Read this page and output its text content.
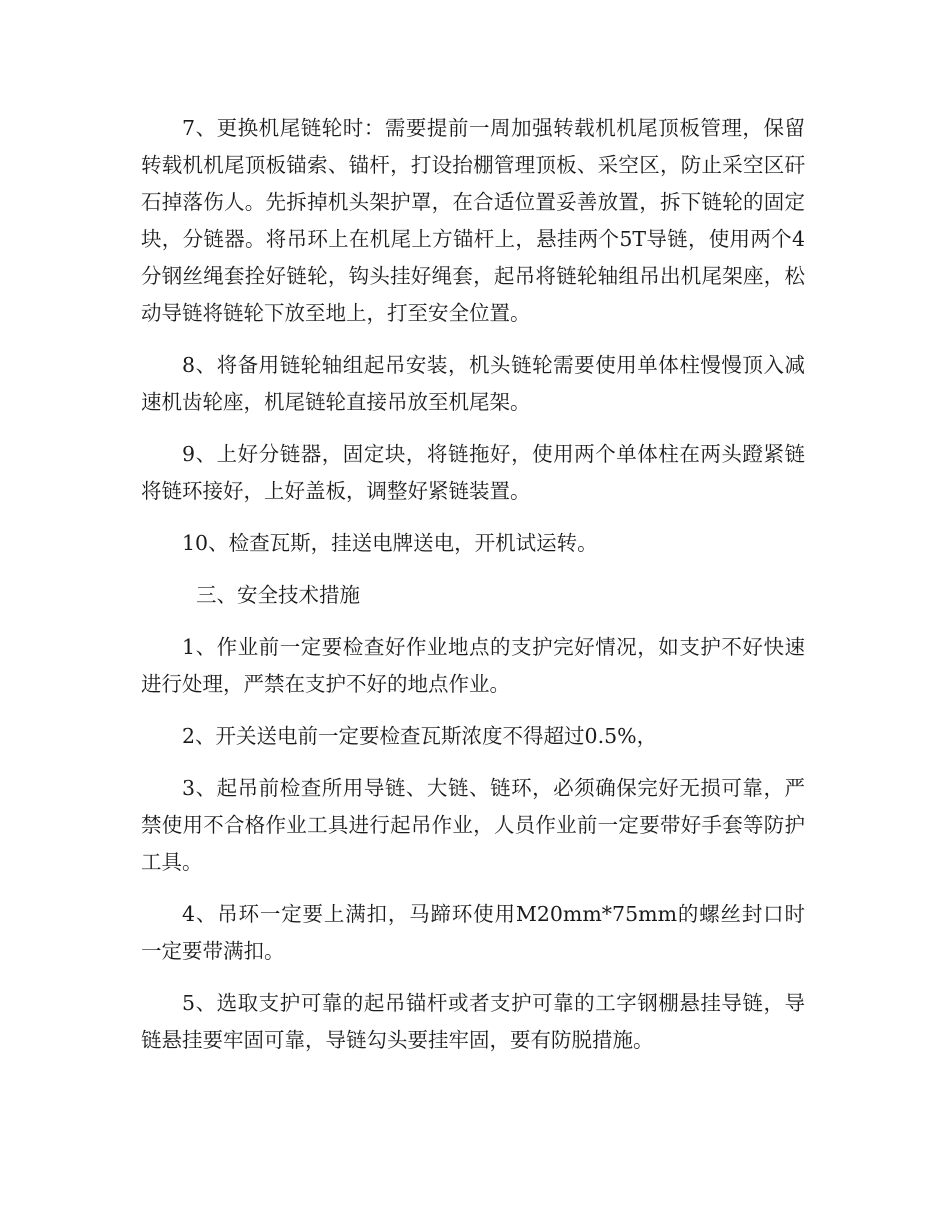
7、更换机尾链轮时：需要提前一周加强转载机机尾顶板管理，保留转载机机尾顶板锚索、锚杆，打设抬棚管理顶板、采空区，防止采空区矸石掉落伤人。先拆掉机头架护罩，在合适位置妥善放置，拆下链轮的固定块，分链器。将吊环上在机尾上方锚杆上，悬挂两个5T导链，使用两个4分钢丝绳套拴好链轮，钩头挂好绳套，起吊将链轮轴组吊出机尾架座，松动导链将链轮下放至地上，打至安全位置。

8、将备用链轮轴组起吊安装，机头链轮需要使用单体柱慢慢顶入减速机齿轮座，机尾链轮直接吊放至机尾架。

9、上好分链器，固定块，将链拖好，使用两个单体柱在两头蹬紧链将链环接好，上好盖板，调整好紧链装置。

10、检查瓦斯，挂送电牌送电，开机试运转。

三、安全技术措施

1、作业前一定要检查好作业地点的支护完好情况，如支护不好快速进行处理，严禁在支护不好的地点作业。

2、开关送电前一定要检查瓦斯浓度不得超过0.5%，

3、起吊前检查所用导链、大链、链环，必须确保完好无损可靠，严禁使用不合格作业工具进行起吊作业，人员作业前一定要带好手套等防护工具。

4、吊环一定要上满扣，马蹄环使用M20mm*75mm的螺丝封口时一定要带满扣。

5、选取支护可靠的起吊锚杆或者支护可靠的工字钢棚悬挂导链，导链悬挂要牢固可靠，导链勾头要挂牢固，要有防脱措施。
